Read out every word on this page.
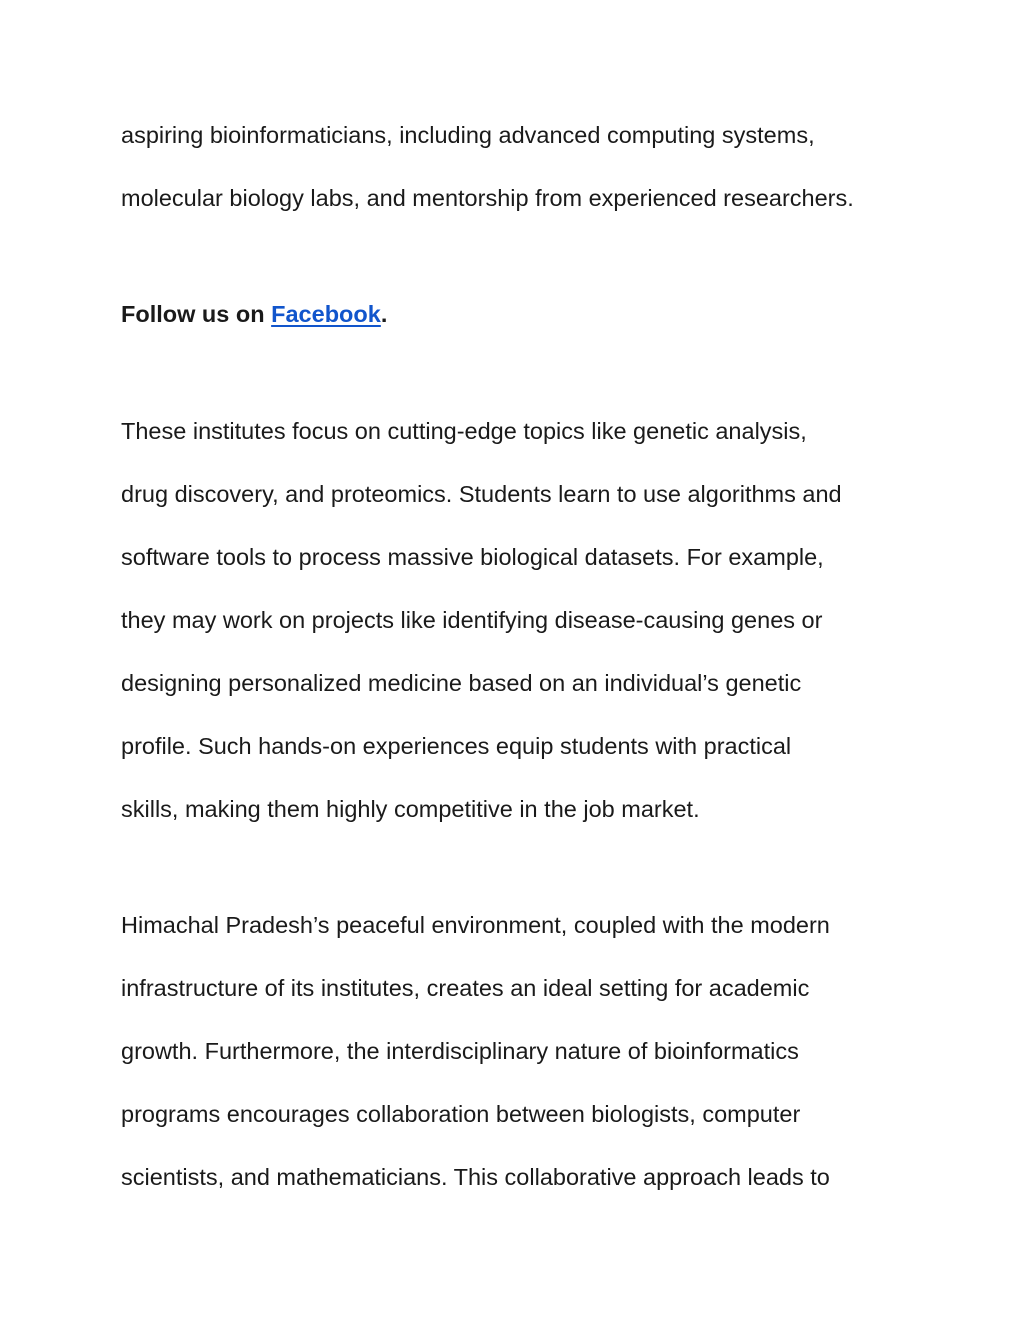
aspiring bioinformaticians, including advanced computing systems,
molecular biology labs, and mentorship from experienced researchers.
Follow us on Facebook.
These institutes focus on cutting-edge topics like genetic analysis,
drug discovery, and proteomics. Students learn to use algorithms and
software tools to process massive biological datasets. For example,
they may work on projects like identifying disease-causing genes or
designing personalized medicine based on an individual’s genetic
profile. Such hands-on experiences equip students with practical
skills, making them highly competitive in the job market.
Himachal Pradesh’s peaceful environment, coupled with the modern
infrastructure of its institutes, creates an ideal setting for academic
growth. Furthermore, the interdisciplinary nature of bioinformatics
programs encourages collaboration between biologists, computer
scientists, and mathematicians. This collaborative approach leads to
